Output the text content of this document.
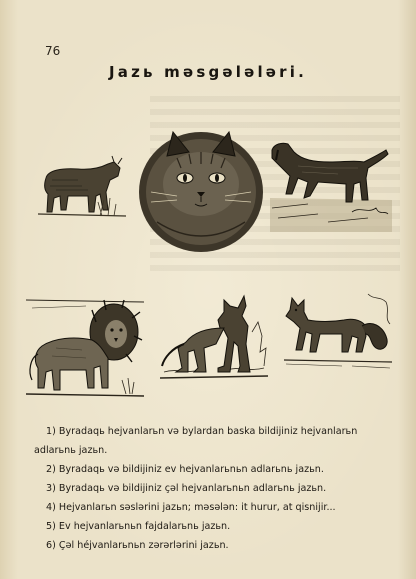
76
Jazь məsgələləri.
1) Byradaqь hejvanlarьn və bylardan baska bildijiniz hejvanlarьn adlarьnь jazьn.
2) Byradaqь və bildijiniz ev hejvanlarьnьn adlarьnь jazьn.
3) Byradaqь və bildijiniz çəl hejvanlarьnьn adlarьnь jazьn.
4) Hejvanlarьn səslərini jazьn; məsələn: it hurur, at qisnijir...
5) Ev hejvanlarьnьn fajdalarьnь jazьn.
6) Çəl héjvanlarьnьn zərərlərini jazьn.
